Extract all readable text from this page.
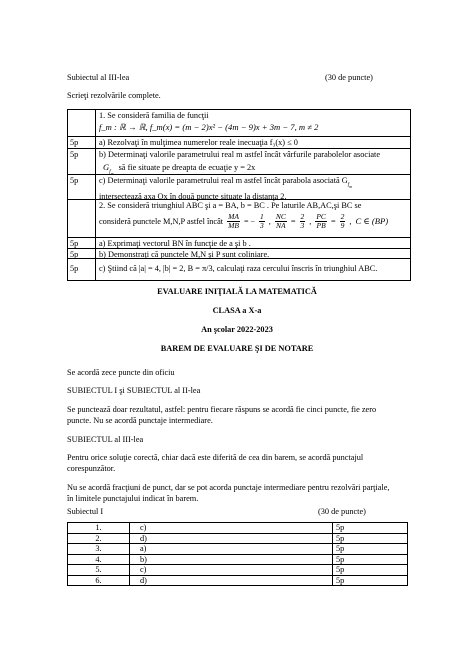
Subiectul al III-lea	(30 de puncte)
Scrieţi rezolvările complete.
1. Se consideră familia de funcţii
f_m : ℝ → ℝ, f_m(x) = (m − 2)x² − (4m − 9)x + 3m − 7, m ≠ 2
5p	a) Rezolvaţi în mulţimea numerelor reale inecuaţia f₃(x) ≤ 0
5p	b) Determinaţi valorile parametrului real m astfel încât vârfurile parabolelor asociate
$G_{f_m}$ să fie situate pe dreapta de ecuaţie y = 2x
5p	c) Determinaţi valorile parametrului real m astfel încât parabola asociată $G_{f_m}$
intersectează axa Ox în două puncte situate la distanţa 2.
2. Se consideră triunghiul ABC şi a = BA, b = BC . Pe laturile AB,AC,şi BC se
consideră punctele M,N,P astfel încât $\frac{MA}{MB}$ = − $\frac{1}{3}$ , $\frac{NC}{NA} = \frac{2}{3}$ , $\frac{PC}{PB} = \frac{2}{9}$ , C ∈ (BP)
5p	a) Exprimaţi vectorul BN în funcţie de a şi b .
5p	b) Demonstraţi că punctele M,N şi P sunt coliniare.
5p	c) Ştiind că |a| = 4, |b| = 2, B = π/3, calculaţi raza cercului înscris în triunghiul ABC.
EVALUARE INIŢIALĂ LA MATEMATICĂ
CLASA a X-a
An şcolar 2022-2023
BAREM DE EVALUARE ŞI DE NOTARE
Se acordă zece puncte din oficiu
SUBIECTUL I şi SUBIECTUL al II-lea
Se punctează doar rezultatul, astfel: pentru fiecare răspuns se acordă fie cinci puncte, fie zero
puncte. Nu se acordă punctaje intermediare.
SUBIECTUL al III-lea
Pentru orice soluţie corectă, chiar dacă este diferită de cea din barem, se acordă punctajul
corespunzător.
Nu se acordă fracţiuni de punct, dar se pot acorda punctaje intermediare pentru rezolvări parţiale,
în limitele punctajului indicat în barem.
Subiectul I	(30 de puncte)
1.	c)	5p
2.	d)	5p
3.	a)	5p
4.	b)	5p
5.	c)	5p
6.	d)	5p
